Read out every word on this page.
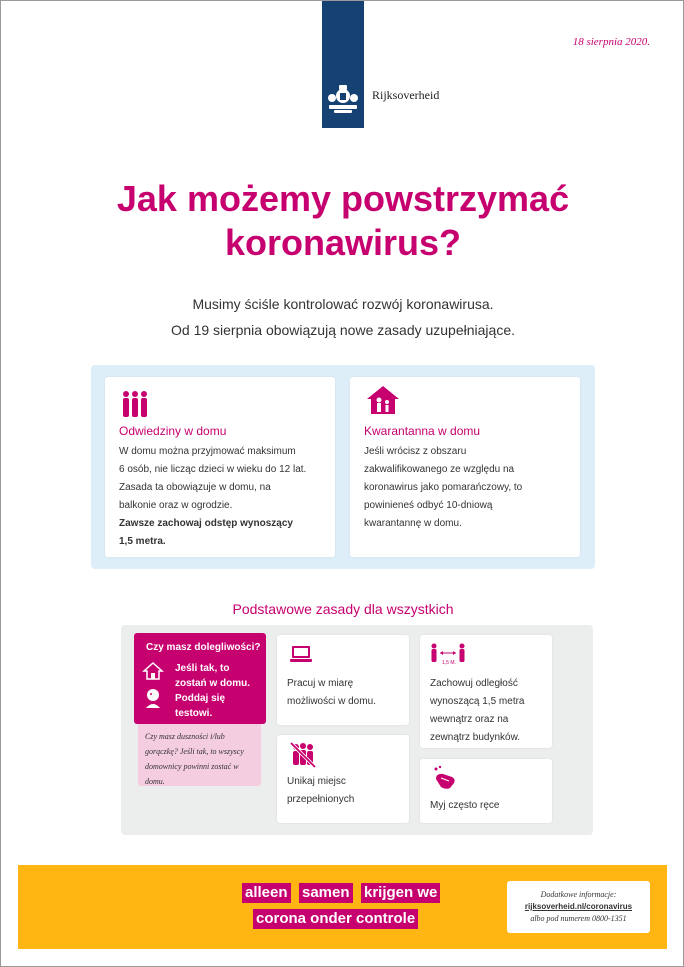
18 sierpnia 2020.
Rijksoverheid
Jak możemy powstrzymać
koronawirus?
Musimy ściśle kontrolować rozwój koronawirusa.
Od 19 sierpnia obowiązują nowe zasady uzupełniające.
Odwiedziny w domu
W domu można przyjmować maksimum
6 osób, nie licząc dzieci w wieku do 12 lat.
Zasada ta obowiązuje w domu, na
balkonie oraz w ogrodzie.
Zawsze zachowaj odstęp wynoszący
1,5 metra.
Kwarantanna w domu
Jeśli wrócisz z obszaru
zakwalifikowanego ze względu na
koronawirus jako pomarańczowy, to
powinieneś odbyć 10-dniową
kwarantannę w domu.
Podstawowe zasady dla wszystkich
Czy masz dolegliwości?
Jeśli tak, to
zostań w domu.
Poddaj się
testowi.
Czy masz duszności i/lub
gorączkę? Jeśli tak, to wszyscy
domownicy powinni zostać w
domu.
Pracuj w miarę
możliwości w domu.
1,5 M.
Zachowuj odległość
wynoszącą 1,5 metra
wewnątrz oraz na
zewnątrz budynków.
Unikaj miejsc
przepełnionych
Myj często ręce
alleen samen krijgen we
corona onder controle
Dodatkowe informacje:
rijksoverheid.nl/coronavirus
albo pod numerem 0800-1351
